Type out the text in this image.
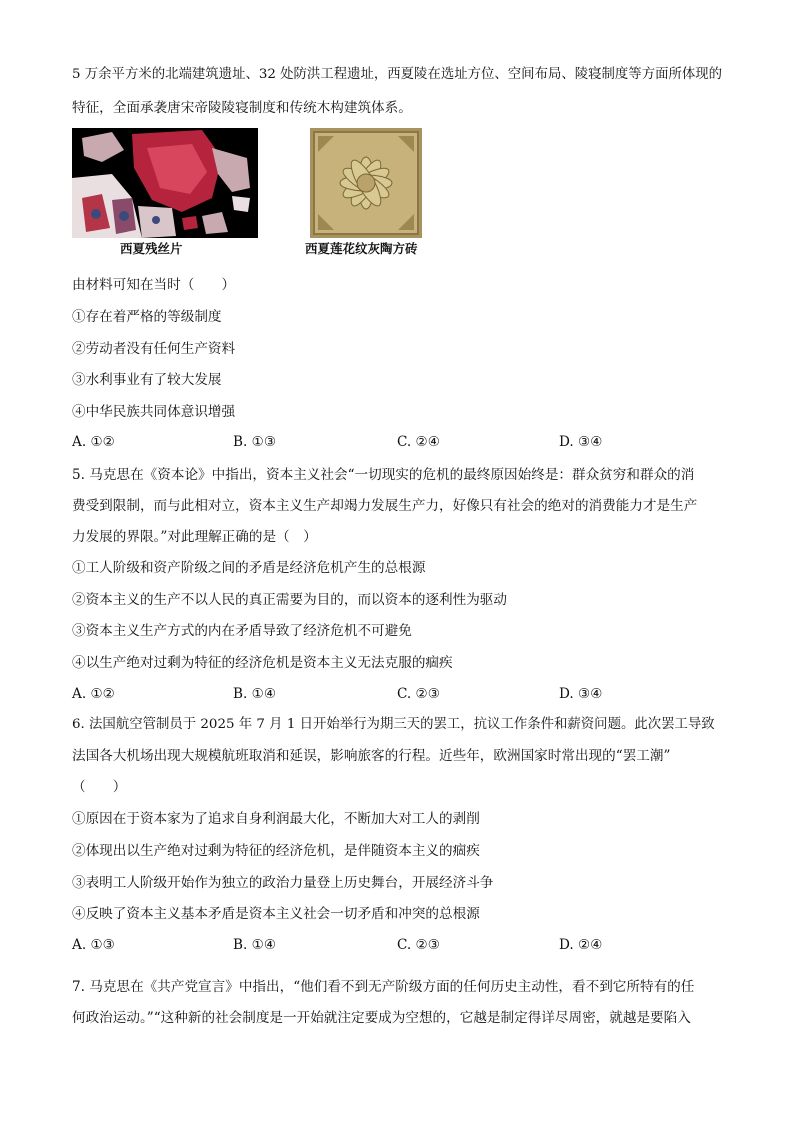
5 万余平方米的北端建筑遗址、32 处防洪工程遗址，西夏陵在选址方位、空间布局、陵寝制度等方面所体现的
特征，全面承袭唐宋帝陵陵寝制度和传统木构建筑体系。
西夏残丝片	西夏莲花纹灰陶方砖
由材料可知在当时（　　）
①存在着严格的等级制度
②劳动者没有任何生产资料
③水利事业有了较大发展
④中华民族共同体意识增强
A. ①②	B. ①③	C. ②④	D. ③④
5. 马克思在《资本论》中指出，资本主义社会“一切现实的危机的最终原因始终是：群众贫穷和群众的消
费受到限制，而与此相对立，资本主义生产却竭力发展生产力，好像只有社会的绝对的消费能力才是生产
力发展的界限。”对此理解正确的是（　）
①工人阶级和资产阶级之间的矛盾是经济危机产生的总根源
②资本主义的生产不以人民的真正需要为目的，而以资本的逐利性为驱动
③资本主义生产方式的内在矛盾导致了经济危机不可避免
④以生产绝对过剩为特征的经济危机是资本主义无法克服的痼疾
A. ①②	B. ①④	C. ②③	D. ③④
6. 法国航空管制员于 2025 年 7 月 1 日开始举行为期三天的罢工，抗议工作条件和薪资问题。此次罢工导致
法国各大机场出现大规模航班取消和延误，影响旅客的行程。近些年，欧洲国家时常出现的“罢工潮”
（　　）
①原因在于资本家为了追求自身利润最大化，不断加大对工人的剥削
②体现出以生产绝对过剩为特征的经济危机，是伴随资本主义的痼疾
③表明工人阶级开始作为独立的政治力量登上历史舞台，开展经济斗争
④反映了资本主义基本矛盾是资本主义社会一切矛盾和冲突的总根源
A. ①③	B. ①④	C. ②③	D. ②④
7. 马克思在《共产党宣言》中指出，“他们看不到无产阶级方面的任何历史主动性，看不到它所特有的任
何政治运动。”“这种新的社会制度是一开始就注定要成为空想的，它越是制定得详尽周密，就越是要陷入
